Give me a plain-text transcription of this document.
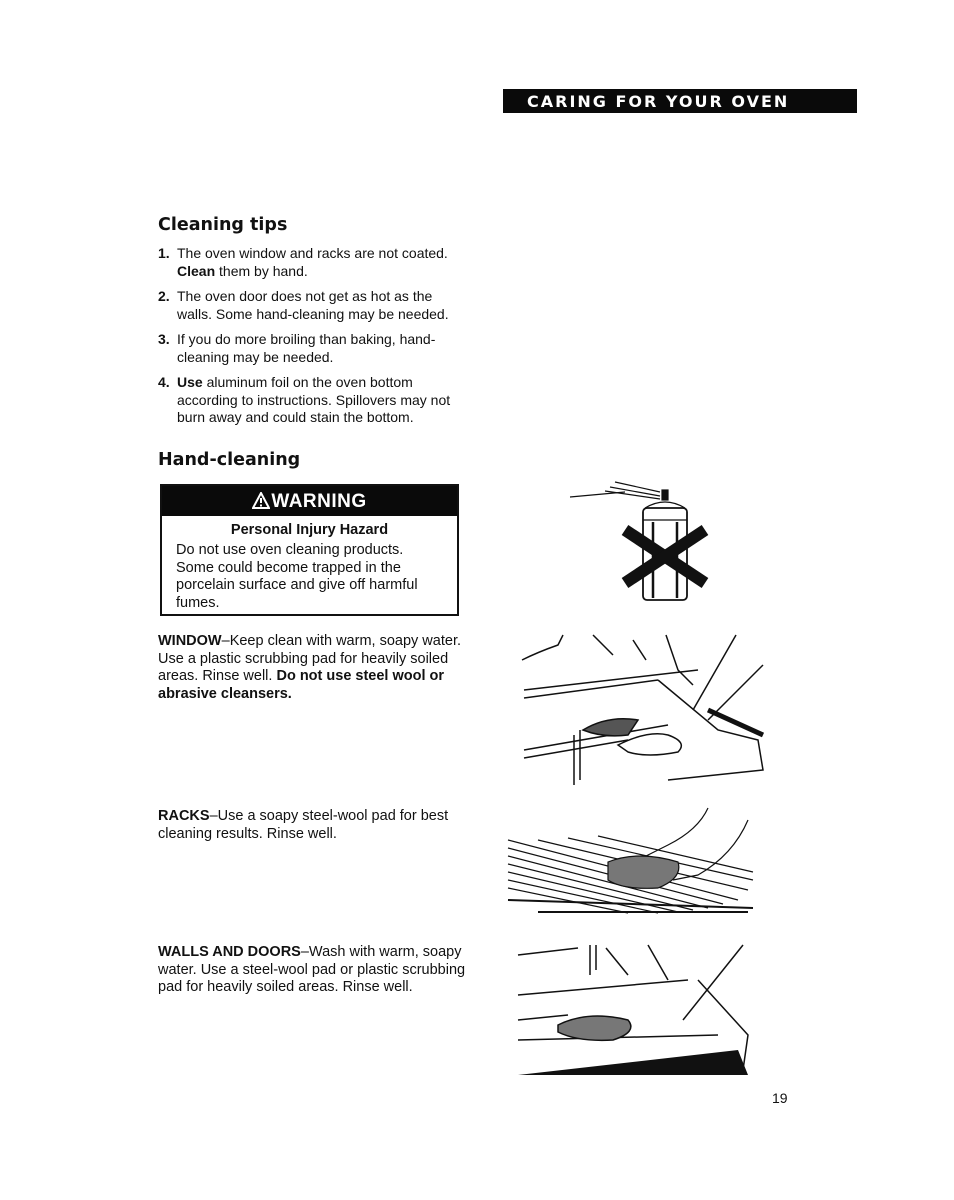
CARING FOR YOUR OVEN
Cleaning tips
1. The oven window and racks are not coated. Clean them by hand.
2. The oven door does not get as hot as the walls. Some hand-cleaning may be needed.
3. If you do more broiling than baking, hand-cleaning may be needed.
4. Use aluminum foil on the oven bottom according to instructions. Spillovers may not burn away and could stain the bottom.
Hand-cleaning
WARNING
Personal Injury Hazard
Do not use oven cleaning products. Some could become trapped in the porcelain surface and give off harmful fumes.

WINDOW–Keep clean with warm, soapy water. Use a plastic scrubbing pad for heavily soiled areas. Rinse well. Do not use steel wool or abrasive cleansers.

RACKS–Use a soapy steel-wool pad for best cleaning results. Rinse well.

WALLS AND DOORS–Wash with warm, soapy water. Use a steel-wool pad or plastic scrubbing pad for heavily soiled areas. Rinse well.

19
